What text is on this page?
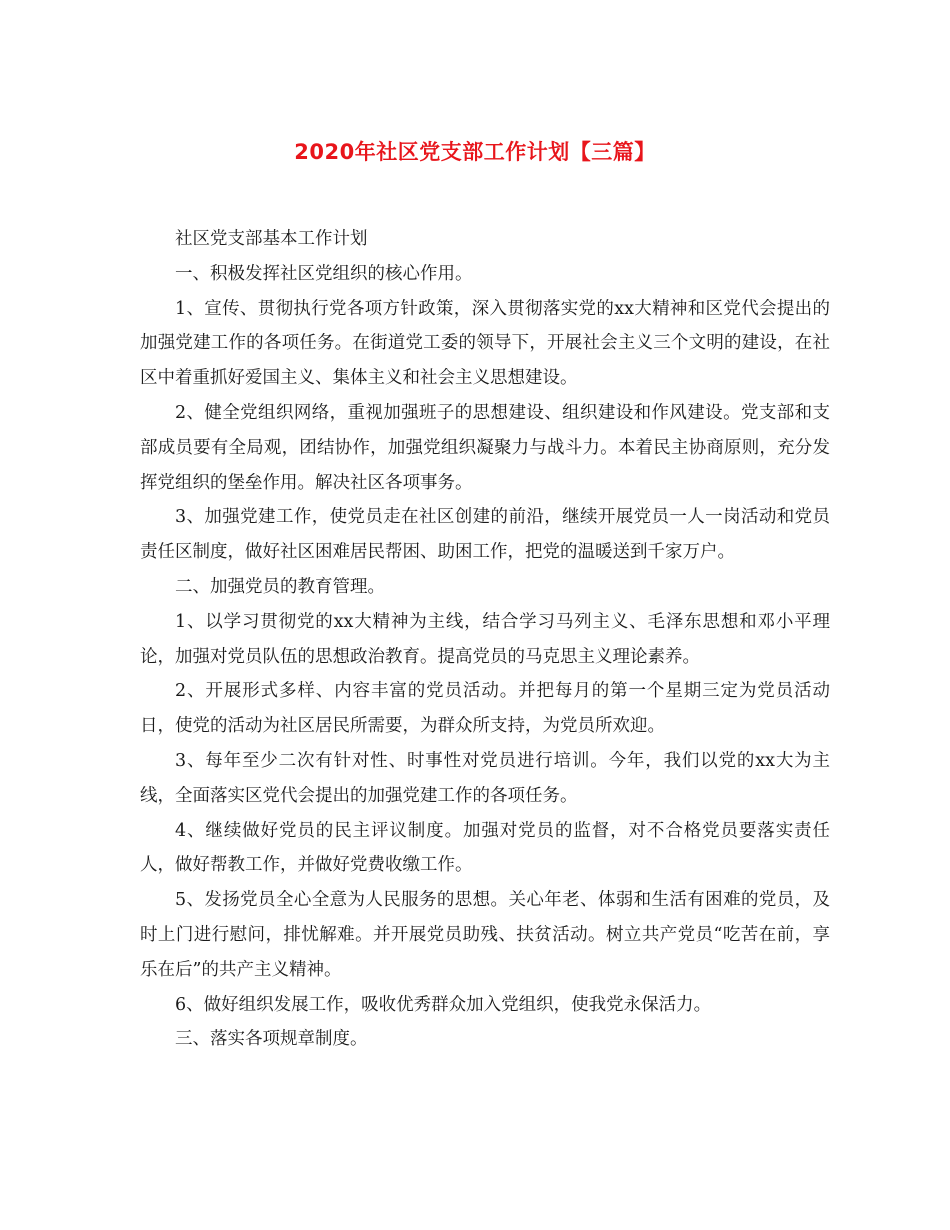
2020年社区党支部工作计划【三篇】

社区党支部基本工作计划

一、积极发挥社区党组织的核心作用。

1、宣传、贯彻执行党各项方针政策，深入贯彻落实党的xx大精神和区党代会提出的加强党建工作的各项任务。在街道党工委的领导下，开展社会主义三个文明的建设，在社区中着重抓好爱国主义、集体主义和社会主义思想建设。

2、健全党组织网络，重视加强班子的思想建设、组织建设和作风建设。党支部和支部成员要有全局观，团结协作，加强党组织凝聚力与战斗力。本着民主协商原则，充分发挥党组织的堡垒作用。解决社区各项事务。

3、加强党建工作，使党员走在社区创建的前沿，继续开展党员一人一岗活动和党员责任区制度，做好社区困难居民帮困、助困工作，把党的温暖送到千家万户。

二、加强党员的教育管理。

1、以学习贯彻党的xx大精神为主线，结合学习马列主义、毛泽东思想和邓小平理论，加强对党员队伍的思想政治教育。提高党员的马克思主义理论素养。

2、开展形式多样、内容丰富的党员活动。并把每月的第一个星期三定为党员活动日，使党的活动为社区居民所需要，为群众所支持，为党员所欢迎。

3、每年至少二次有针对性、时事性对党员进行培训。今年，我们以党的xx大为主线，全面落实区党代会提出的加强党建工作的各项任务。

4、继续做好党员的民主评议制度。加强对党员的监督，对不合格党员要落实责任人，做好帮教工作，并做好党费收缴工作。

5、发扬党员全心全意为人民服务的思想。关心年老、体弱和生活有困难的党员，及时上门进行慰问，排忧解难。并开展党员助残、扶贫活动。树立共产党员“吃苦在前，享乐在后”的共产主义精神。

6、做好组织发展工作，吸收优秀群众加入党组织，使我党永保活力。

三、落实各项规章制度。
